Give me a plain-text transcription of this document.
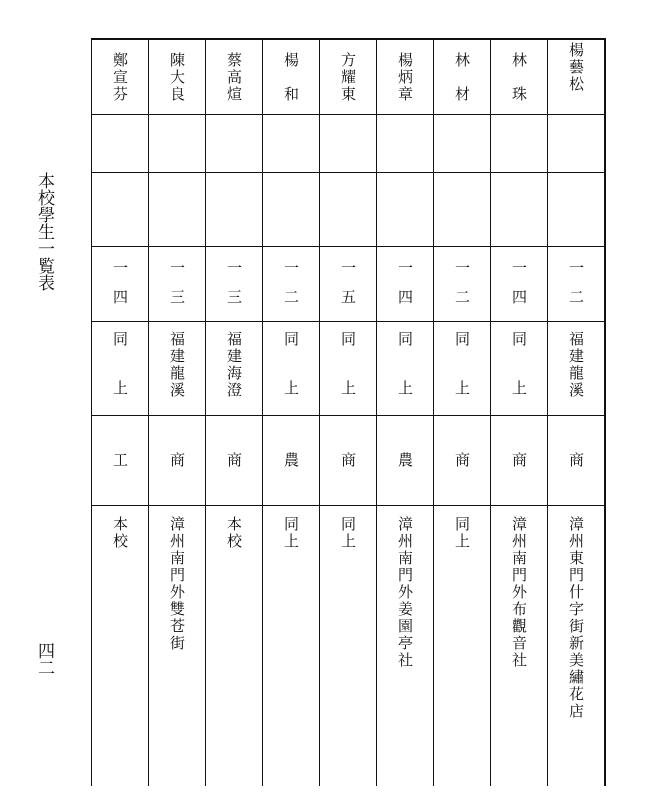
本校學生一覧表
四二
楊藝松
一二
福建龍溪
商
漳州東門什字街新美繡花店
林　珠
一四
同上
商
漳州南門外布觀音社
林　材
一二
同上
商
同上
楊炳章
一四
同上
農
漳州南門外姜園亭社
方耀東
一五
同上
商
同上
楊　和
一二
同上
農
同上
蔡高煊
一三
福建海澄
商
本校
陳大良
一三
福建龍溪
商
漳州南門外雙苍街
鄭宣芬
一四
同上
工
本校
